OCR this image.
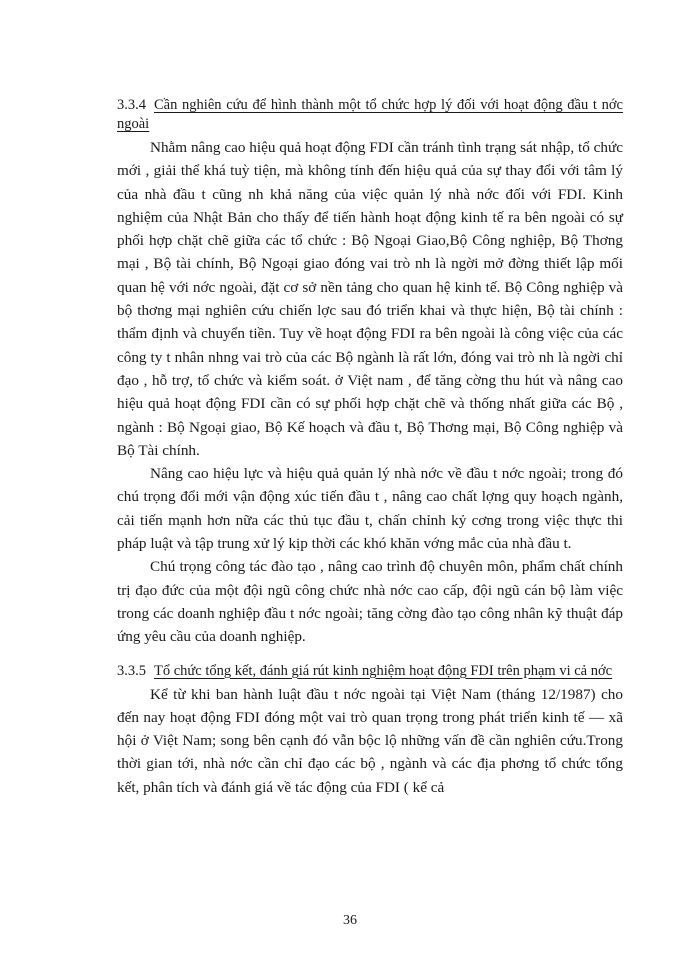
3.3.4 Cần nghiên cứu để hình thành một tổ chức hợp lý đối với hoạt động đầu t nớc ngoài

Nhằm nâng cao hiệu quả hoạt động FDI cần tránh tình trạng sát nhập, tổ chức mới , giải thể khá tuỳ tiện, mà không tính đến hiệu quả của sự thay đổi với tâm lý của nhà đầu t cũng nh khả năng của việc quản lý nhà nớc đối với FDI. Kinh nghiệm của Nhật Bản cho thấy để tiến hành hoạt động kinh tế ra bên ngoài có sự phối hợp chặt chẽ giữa các tổ chức : Bộ Ngoại Giao,Bộ Công nghiệp, Bộ Thơng mại , Bộ tài chính, Bộ Ngoại giao đóng vai trò nh là ngời mở đờng thiết lập mối quan hệ với nớc ngoài, đặt cơ sở nền tảng cho quan hệ kinh tế. Bộ Công nghiệp và bộ thơng mại nghiên cứu chiến lợc sau đó triển khai và thực hiện, Bộ tài chính : thẩm định và chuyển tiền. Tuy về hoạt động FDI ra bên ngoài là công việc của các công ty t nhân nhng vai trò của các Bộ ngành là rất lớn, đóng vai trò nh là ngời chỉ đạo , hỗ trợ, tổ chức và kiểm soát. ở Việt nam , để tăng cờng thu hút và nâng cao hiệu quả hoạt động FDI cần có sự phối hợp chặt chẽ và thống nhất giữa các Bộ , ngành : Bộ Ngoại giao, Bộ Kế hoạch và đầu t, Bộ Thơng mại, Bộ Công nghiệp và Bộ Tài chính.

Nâng cao hiệu lực và hiệu quả quản lý nhà nớc về đầu t nớc ngoài; trong đó chú trọng đổi mới vận động xúc tiến đầu t , nâng cao chất lợng quy hoạch ngành, cải tiến mạnh hơn nữa các thủ tục đầu t, chấn chỉnh kỷ cơng trong việc thực thi pháp luật và tập trung xử lý kịp thời các khó khăn vớng mắc của nhà đầu t.

Chú trọng công tác đào tạo , nâng cao trình độ chuyên môn, phẩm chất chính trị đạo đức của một đội ngũ công chức nhà nớc cao cấp, đội ngũ cán bộ làm việc trong các doanh nghiệp đầu t nớc ngoài; tăng cờng đào tạo công nhân kỹ thuật đáp ứng yêu cầu của doanh nghiệp.

3.3.5 Tổ chức tổng kết, đánh giá rút kinh nghiệm hoạt động FDI trên phạm vi cả nớc

Kể từ khi ban hành luật đầu t nớc ngoài tại Việt Nam (tháng 12/1987) cho đến nay hoạt động FDI đóng một vai trò quan trọng trong phát triển kinh tế — xã hội ở Việt Nam; song bên cạnh đó vẫn bộc lộ những vấn đề cần nghiên cứu.Trong thời gian tới, nhà nớc cần chỉ đạo các bộ , ngành và các địa phơng tổ chức tổng kết, phân tích và đánh giá về tác động của FDI ( kể cả

36
